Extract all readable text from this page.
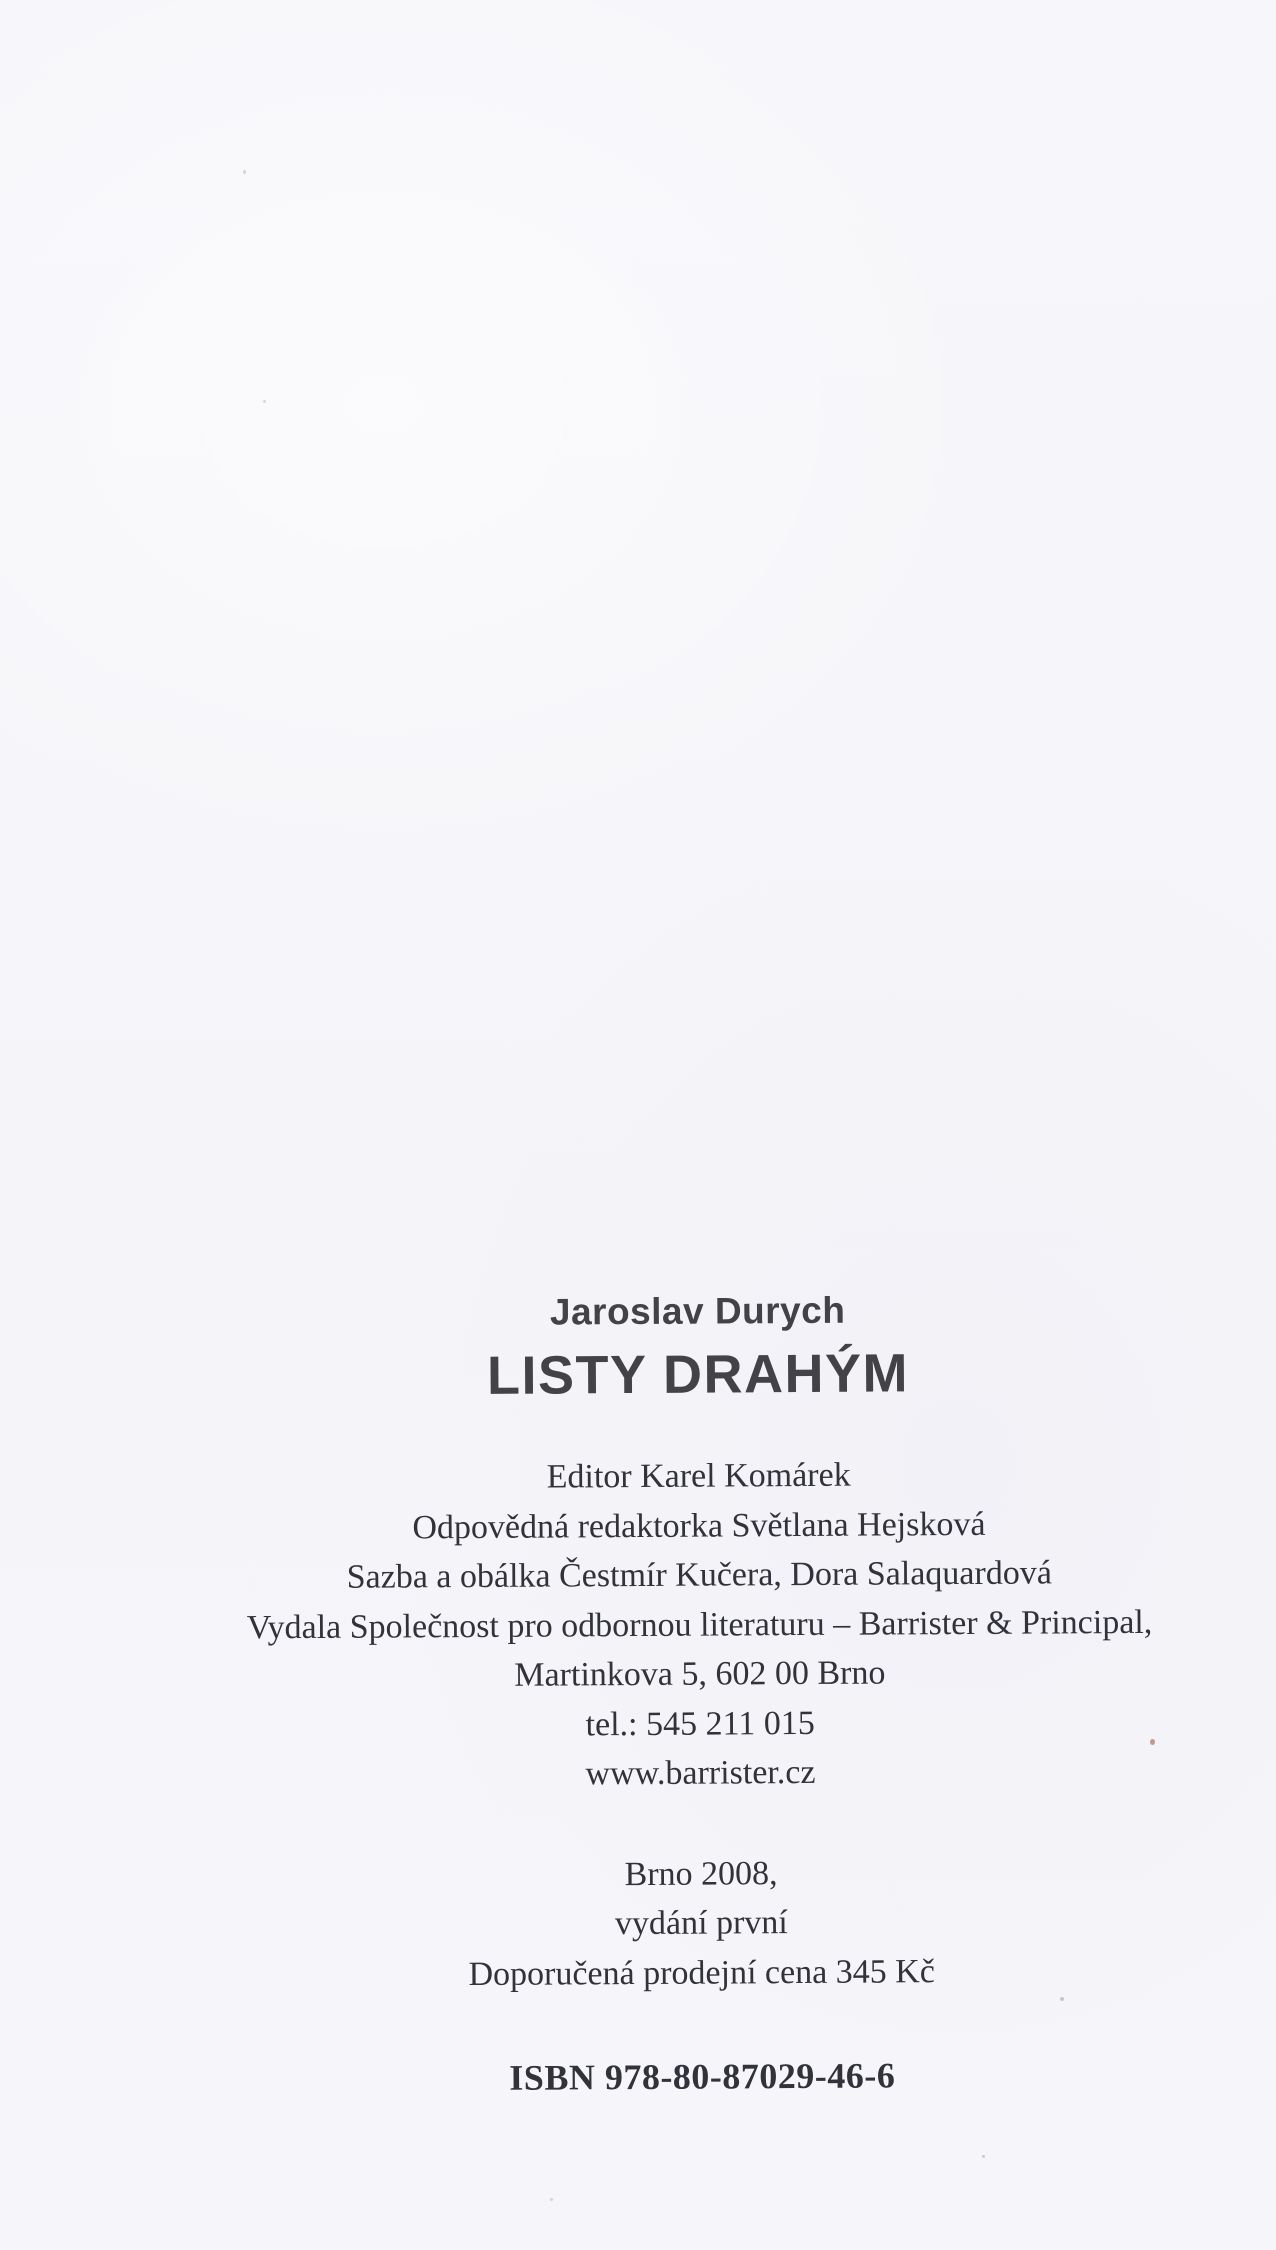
Jaroslav Durych
LISTY DRAHÝM
Editor Karel Komárek
Odpovědná redaktorka Světlana Hejsková
Sazba a obálka Čestmír Kučera, Dora Salaquardová
Vydala Společnost pro odbornou literaturu – Barrister & Principal,
Martinkova 5, 602 00 Brno
tel.: 545 211 015
www.barrister.cz
Brno 2008,
vydání první
Doporučená prodejní cena 345 Kč
ISBN 978-80-87029-46-6
